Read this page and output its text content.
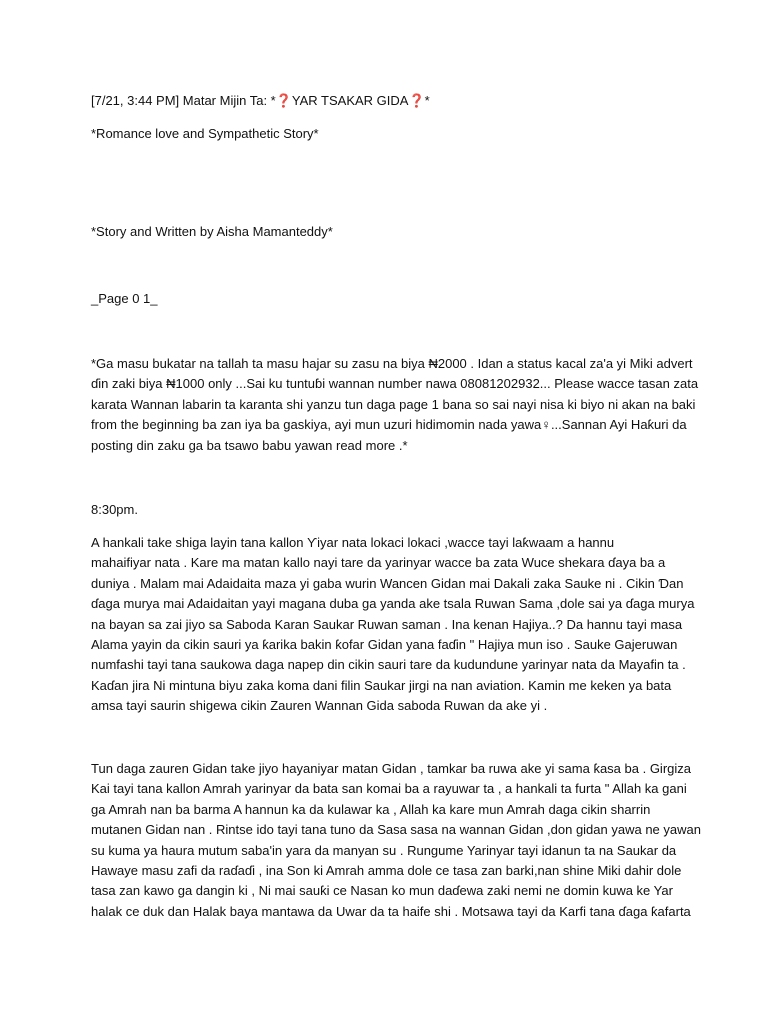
[7/21, 3:44 PM] Matar Mijin Ta: *❓YAR TSAKAR GIDA❓*

*Romance love and Sympathetic Story*

*Story and Written by Aisha Mamanteddy*

_Page 0 1_

*Ga masu bukatar na tallah ta masu hajar su zasu na biya ₦2000 . Idan a status kacal za'a yi Miki advert
ɗin zaki biya ₦1000 only ...Sai ku tuntuɓi wannan number nawa 08081202932... Please wacce tasan zata
karata Wannan labarin ta karanta shi yanzu tun daga page 1 bana so sai nayi nisa ki biyo ni akan na baki
from the beginning ba zan iya ba gaskiya, ayi mun uzuri hidimomin nada yawa♀...Sannan Ayi Haƙuri da
posting din zaku ga ba tsawo babu yawan read more .*

8:30pm.

A hankali take shiga layin tana kallon Ƴiyar nata lokaci lokaci ,wacce tayi laƙwaam a hannu
mahaifiyar nata . Kare ma matan kallo nayi tare da yarinyar wacce ba zata Wuce shekara ɗaya ba a
duniya . Malam mai Adaidaita maza yi gaba wurin Wancen Gidan mai Dakali zaka Sauke ni . Cikin Ɗan
ɗaga murya mai Adaidaitan yayi magana duba ga yanda ake tsala Ruwan Sama ,dole sai ya ɗaga murya
na bayan sa zai jiyo sa Saboda Karan Saukar Ruwan saman . Ina kenan Hajiya..? Da hannu tayi masa
Alama yayin da cikin sauri ya ƙarika bakin ƙofar Gidan yana faɗin " Hajiya mun iso . Sauke Gajeruwan
numfashi tayi tana saukowa daga napep din cikin sauri tare da kudundune yarinyar nata da Mayafin ta .
Kaɗan jira Ni mintuna biyu zaka koma dani filin Saukar jirgi na nan aviation. Kamin me keken ya bata
amsa tayi saurin shigewa cikin Zauren Wannan Gida saboda Ruwan da ake yi .
Tun daga zauren Gidan take jiyo hayaniyar matan Gidan , tamkar ba ruwa ake yi sama ƙasa ba . Girgiza
Kai tayi tana kallon Amrah yarinyar da bata san komai ba a rayuwar ta , a hankali ta furta " Allah ka gani
ga Amrah nan ba barma A hannun ka da kulawar ka , Allah ka kare mun Amrah daga cikin sharrin
mutanen Gidan nan . Rintse ido tayi tana tuno da Sasa sasa na wannan Gidan ,don gidan yawa ne yawan
su kuma ya haura mutum saba'in yara da manyan su . Rungume Yarinyar tayi idanun ta na Saukar da
Hawaye masu zafi da raɗaɗi , ina Son ki Amrah amma dole ce tasa zan barki,nan shine Miki dahir dole
tasa zan kawo ga dangin ki , Ni mai sauƙi ce Nasan ko mun daɗewa zaki nemi ne domin kuwa ke Yar
halak ce duk dan Halak baya mantawa da Uwar da ta haife shi . Motsawa tayi da Karfi tana ɗaga ƙafarta
